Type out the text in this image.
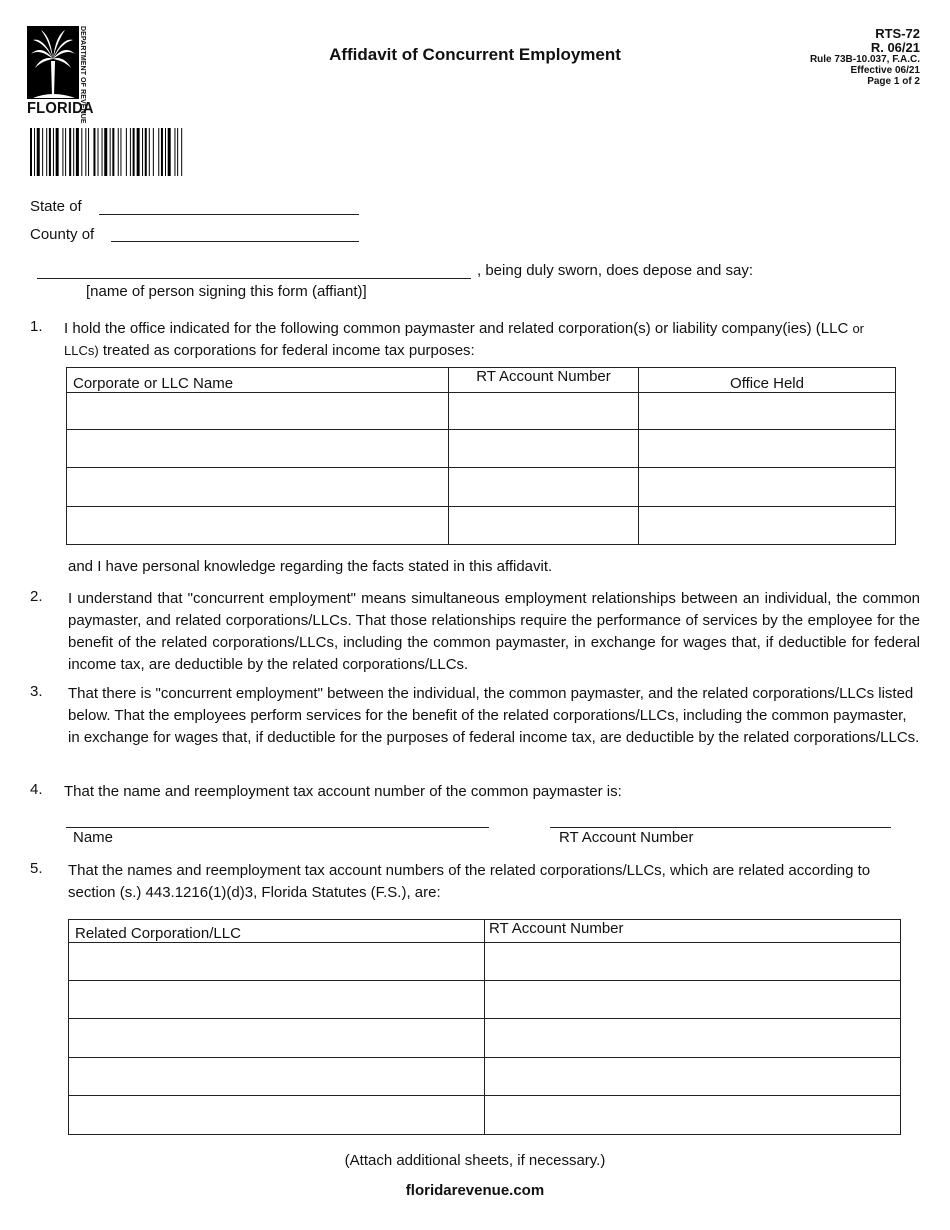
DEPARTMENT OF REVENUE
FLORIDA
Affidavit of Concurrent Employment
RTS-72
R. 06/21
Rule 73B-10.037, F.A.C.
Effective 06/21
Page 1 of 2
State of
County of
, being duly sworn, does depose and say:
[name of person signing this form (affiant)]
1. I hold the office indicated for the following common paymaster and related corporation(s) or liability company(ies) (LLC or
LLCs) treated as corporations for federal income tax purposes:
Corporate or LLC Name	RT Account Number	Office Held

and I have personal knowledge regarding the facts stated in this affidavit.
2. I understand that "concurrent employment" means simultaneous employment relationships between an individual, the common paymaster, and related corporations/LLCs. That those relationships require the performance of services by the employee for the benefit of the related corporations/LLCs, including the common paymaster, in exchange for wages that, if deductible for federal income tax, are deductible by the related corporations/LLCs.
3. That there is "concurrent employment" between the individual, the common paymaster, and the related corporations/LLCs listed below. That the employees perform services for the benefit of the related corporations/LLCs, including the common paymaster, in exchange for wages that, if deductible for the purposes of federal income tax, are deductible by the related corporations/LLCs.
4. That the name and reemployment tax account number of the common paymaster is:
Name	RT Account Number
5. That the names and reemployment tax account numbers of the related corporations/LLCs, which are related according to section (s.) 443.1216(1)(d)3, Florida Statutes (F.S.), are:
Related Corporation/LLC	RT Account Number

(Attach additional sheets, if necessary.)
floridarevenue.com
